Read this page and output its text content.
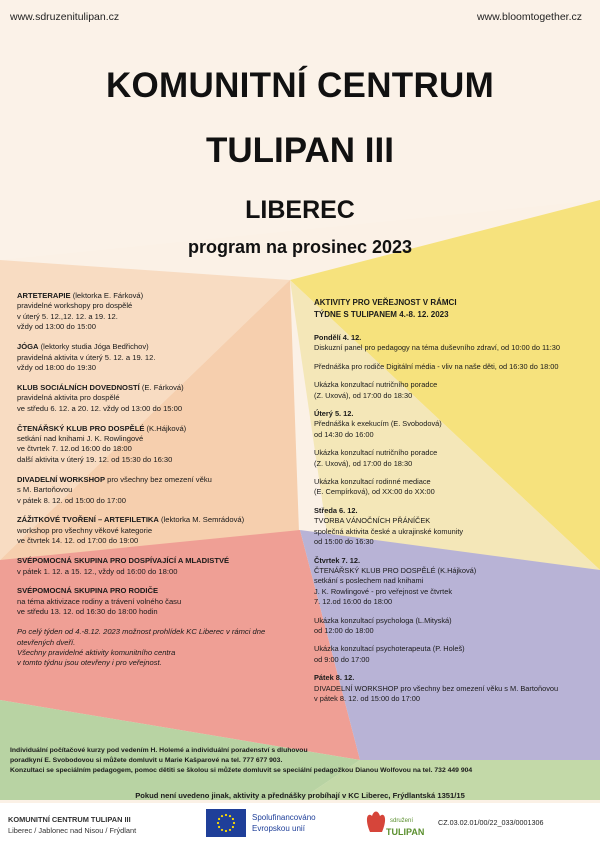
www.sdruzenitulipan.cz	www.bloomtogether.cz
KOMUNITNÍ CENTRUM
TULIPAN III
LIBEREC
program na prosinec 2023
ARTETERAPIE (lektorka E. Fárková)
pravidelné workshopy pro dospělé
v úterý 5. 12.,12. 12. a 19. 12.
vždy od 13:00 do 15:00
JÓGA (lektorky studia Jóga Bedřichov)
pravidelná aktivita v úterý 5. 12. a 19. 12.
vždy od 18:00 do 19:30
KLUB SOCIÁLNÍCH DOVEDNOSTÍ (E. Fárková)
pravidelná aktivita pro dospělé
ve středu 6. 12. a 20. 12. vždy od 13:00 do 15:00
ČTENÁŘSKÝ KLUB PRO DOSPĚLÉ (K.Hájková)
setkání nad knihami J. K. Rowlingové
ve čtvrtek 7. 12.od 16:00 do 18:00
další aktivita v úterý 19. 12. od 15:30 do 16:30
DIVADELNÍ WORKSHOP pro všechny bez omezení věku
s M. Bartoňovou
v pátek 8. 12. od 15:00 do 17:00
ZÁŽITKOVÉ TVOŘENÍ – ARTEFILETIKA (lektorka M. Semrádová)
workshop pro všechny věkové kategorie
ve čtvrtek 14. 12. od 17:00 do 19:00
SVÉPOMOCNÁ SKUPINA PRO DOSPÍVAJÍCÍ A MLADISTVÉ
v pátek 1. 12. a 15. 12., vždy od 16:00 do 18:00
SVÉPOMOCNÁ SKUPINA PRO RODIČE
na téma aktivizace rodiny a trávení volného času
ve středu 13. 12. od 16:30 do 18:00 hodin
Po celý týden od 4.-8.12. 2023 možnost prohlídek KC Liberec v rámci dne
otevřených dveří.
Všechny pravidelné aktivity komunitního centra
v tomto týdnu jsou otevřeny i pro veřejnost.
AKTIVITY PRO VEŘEJNOST V RÁMCI
TÝDNE S TULIPANEM 4.-8. 12. 2023
Pondělí 4. 12.
Diskuzní panel pro pedagogy na téma duševního zdraví, od 10:00 do 11:30
Přednáška pro rodiče Digitální média - vliv na naše děti, od 16:30 do 18:00
Ukázka konzultací nutričního poradce
(Z. Uxová), od 17:00 do 18:30
Úterý 5. 12.
Přednáška k exekucím (E. Svobodová)
od 14:30 do 16:00
Ukázka konzultací nutričního poradce
(Z. Uxová), od 17:00 do 18:30
Ukázka konzultací rodinné mediace
(E. Cempírková), od XX:00 do XX:00
Středa 6. 12.
TVORBA VÁNOČNÍCH PŘÁNÍČEK
společná aktivita české a ukrajinské komunity
od 15:00 do 16:30
Čtvrtek 7. 12.
ČTENÁŘSKÝ KLUB PRO DOSPĚLÉ (K.Hájková)
setkání s poslechem nad knihami
J. K. Rowlingové - pro veřejnost ve čtvrtek
7. 12.od 16:00 do 18:00
Ukázka konzultací psychologa (L.Mityská)
od 12:00 do 18:00
Ukázka konzultací psychoterapeuta (P. Holeš)
od 9:00 do 17:00
Pátek 8. 12.
DIVADELNÍ WORKSHOP pro všechny bez omezení věku s M. Bartoňovou
v pátek 8. 12. od 15:00 do 17:00
Individuální počítačové kurzy pod vedením H. Holemé a individuální poradenství s dluhovou
poradkyní E. Svobodovou si můžete domluvit u Marie Kašparové na tel. 777 677 903.
Konzultaci se speciálním pedagogem, pomoc dětiti se školou si můžete domluvit se speciální pedagožkou Dianou Wolfovou na tel. 732 449 904
Pokud není uvedeno jinak, aktivity a přednášky probíhají v KC Liberec, Frýdlantská 1351/15
KOMUNITNÍ CENTRUM TULIPAN III
Liberec / Jablonec nad Nisou / Frýdlant
Spolufinancováno
Evropskou unií
sdružení
TULIPAN
CZ.03.02.01/00/22_033/0001306
